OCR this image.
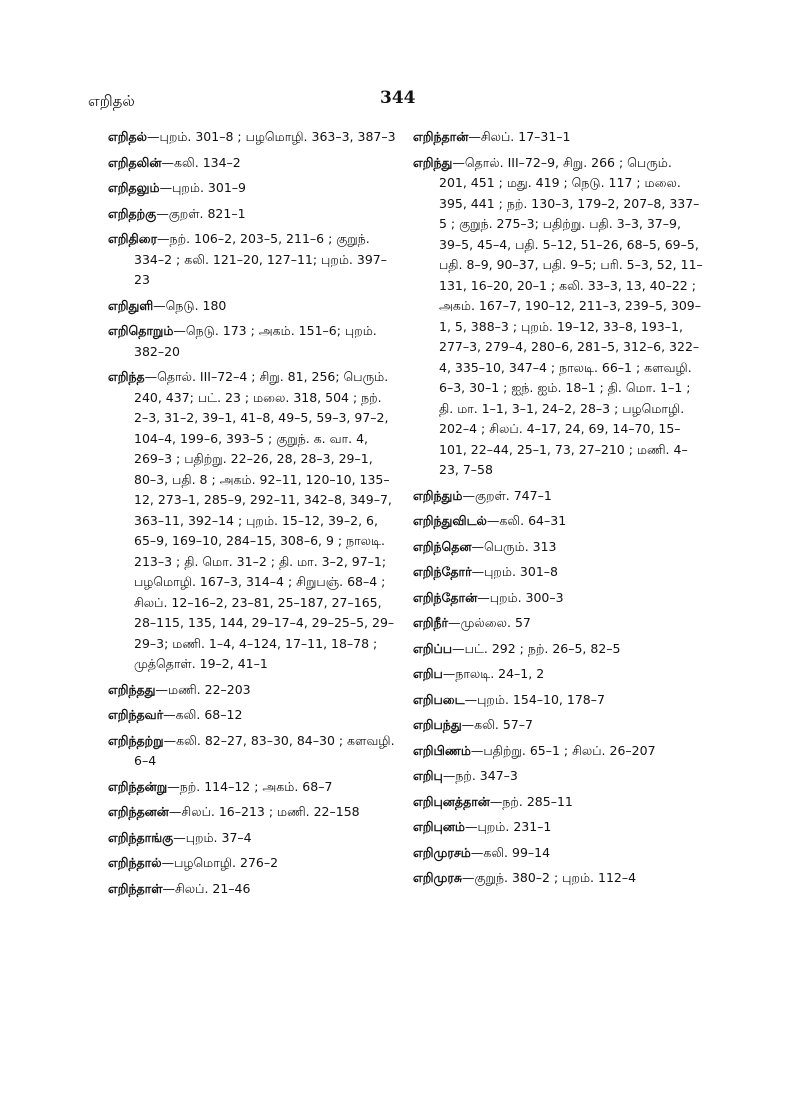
எறிதல்	344
எறிதல்—புறம். 301–8 ; பழமொழி. 363–3, 387–3
எறிதலின்—கலி. 134–2
எறிதலும்—புறம். 301–9
எறிதற்கு—குறள். 821–1
எறிதிரை—நற். 106–2, 203–5, 211–6 ; குறுந். 334–2 ; கலி. 121–20, 127–11; புறம். 397–23
எறிதுளி—நெடு. 180
எறிதொறும்—நெடு. 173 ; அகம். 151–6; புறம். 382–20
எறிந்த—தொல். III–72–4 ; சிறு. 81, 256; பெரும். 240, 437; பட். 23 ; மலை. 318, 504 ; நற். 2–3, 31–2, 39–1, 41–8, 49–5, 59–3, 97–2, 104–4, 199–6, 393–5 ; குறுந். க. வா. 4, 269–3 ; பதிற்று. 22–26, 28, 28–3, 29–1, 80–3, பதி. 8 ; அகம். 92–11, 120–10, 135–12, 273–1, 285–9, 292–11, 342–8, 349–7, 363–11, 392–14 ; புறம். 15–12, 39–2, 6, 65–9, 169–10, 284–15, 308–6, 9 ; நாலடி. 213–3 ; தி. மொ. 31–2 ; தி. மா. 3–2, 97–1; பழமொழி. 167–3, 314–4 ; சிறுபஞ். 68–4 ; சிலப். 12–16–2, 23–81, 25–187, 27–165, 28–115, 135, 144, 29–17–4, 29–25–5, 29–29–3; மணி. 1–4, 4–124, 17–11, 18–78 ; முத்தொள். 19–2, 41–1
எறிந்தது—மணி. 22–203
எறிந்தவர்—கலி. 68–12
எறிந்தற்று—கலி. 82–27, 83–30, 84–30 ; களவழி. 6–4
எறிந்தன்று—நற். 114–12 ; அகம். 68–7
எறிந்தனன்—சிலப். 16–213 ; மணி. 22–158
எறிந்தாங்கு—புறம். 37–4
எறிந்தால்—பழமொழி. 276–2
எறிந்தாள்—சிலப். 21–46
எறிந்தான்—சிலப். 17–31–1
எறிந்து—தொல். III–72–9, சிறு. 266 ; பெரும். 201, 451 ; மது. 419 ; நெடு. 117 ; மலை. 395, 441 ; நற். 130–3, 179–2, 207–8, 337–5 ; குறுந். 275–3; பதிற்று. பதி. 3–3, 37–9, 39–5, 45–4, பதி. 5–12, 51–26, 68–5, 69–5, பதி. 8–9, 90–37, பதி. 9–5; பரி. 5–3, 52, 11–131, 16–20, 20–1 ; கலி. 33–3, 13, 40–22 ; அகம். 167–7, 190–12, 211–3, 239–5, 309–1, 5, 388–3 ; புறம். 19–12, 33–8, 193–1, 277–3, 279–4, 280–6, 281–5, 312–6, 322–4, 335–10, 347–4 ; நாலடி. 66–1 ; களவழி. 6–3, 30–1 ; ஐந். ஐம். 18–1 ; தி. மொ. 1–1 ; தி. மா. 1–1, 3–1, 24–2, 28–3 ; பழமொழி. 202–4 ; சிலப். 4–17, 24, 69, 14–70, 15–101, 22–44, 25–1, 73, 27–210 ; மணி. 4–23, 7–58
எறிந்தும்—குறள். 747–1
எறிந்துவிடல்—கலி. 64–31
எறிந்தென—பெரும். 313
எறிந்தோர்—புறம். 301–8
எறிந்தோன்—புறம். 300–3
எறிநீர்—முல்லை. 57
எறிப்ப—பட். 292 ; நற். 26–5, 82–5
எறிப—நாலடி. 24–1, 2
எறிபடை—புறம். 154–10, 178–7
எறிபந்து—கலி. 57–7
எறிபிணம்—பதிற்று. 65–1 ; சிலப். 26–207
எறிபு—நற். 347–3
எறிபுனத்தான்—நற். 285–11
எறிபுனம்—புறம். 231–1
எறிமுரசம்—கலி. 99–14
எறிமுரசு—குறுந். 380–2 ; புறம். 112–4
